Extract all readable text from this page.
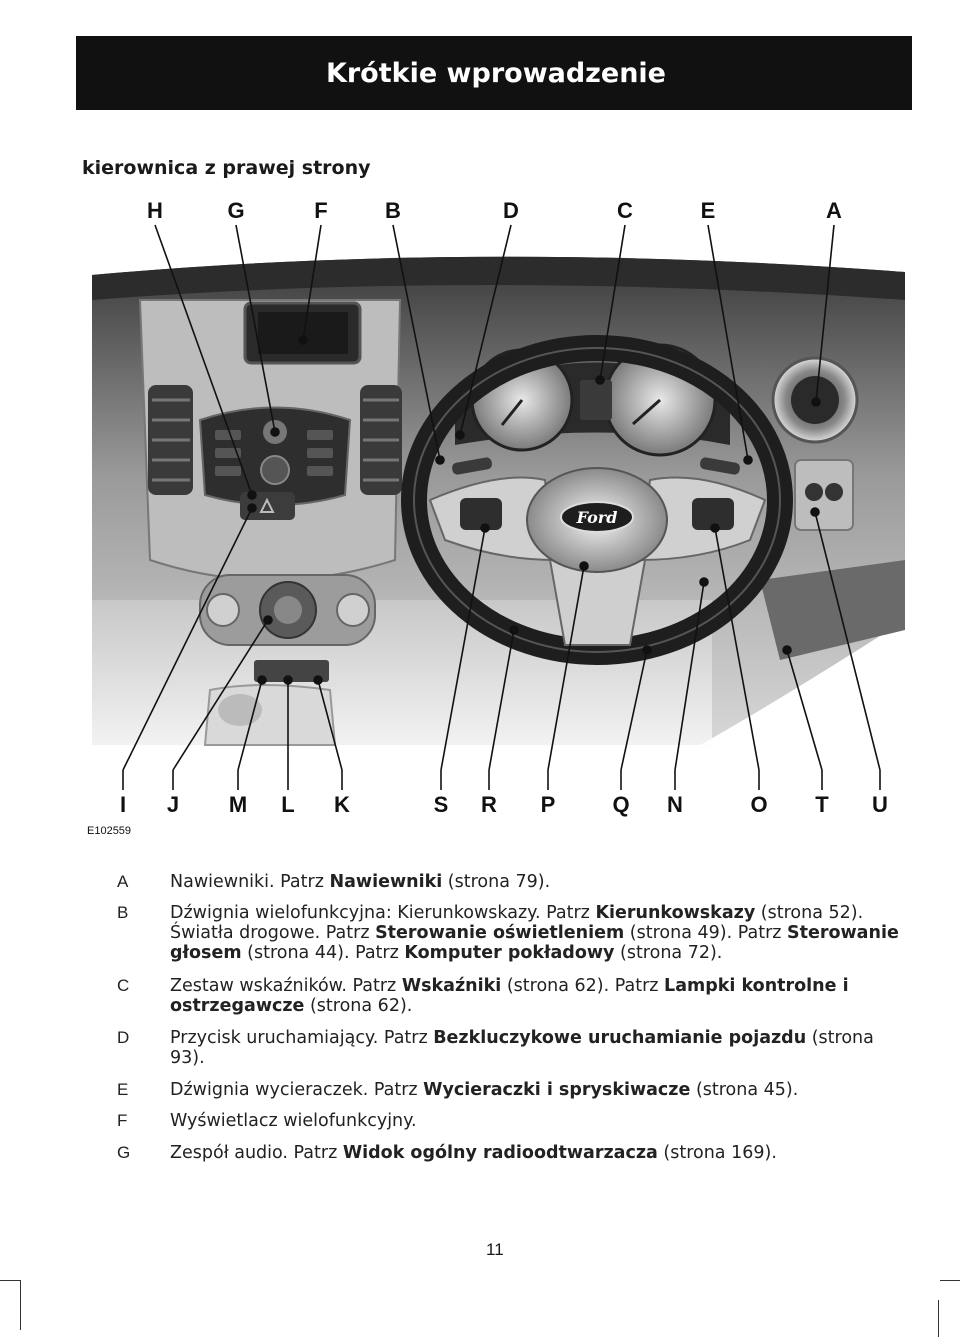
Krótkie wprowadzenie
kierownica z prawej strony
H	G	F	B	D	C	E	A
I J M L K	S R P	Q N	O T U
Ford
E102559
A Nawiewniki. Patrz Nawiewniki (strona 79).
B Dźwignia wielofunkcyjna: Kierunkowskazy. Patrz Kierunkowskazy (strona 52). Światła drogowe. Patrz Sterowanie oświetleniem (strona 49). Patrz Sterowanie głosem (strona 44). Patrz Komputer pokładowy (strona 72).
C Zestaw wskaźników. Patrz Wskaźniki (strona 62). Patrz Lampki kontrolne i ostrzegawcze (strona 62).
D Przycisk uruchamiający. Patrz Bezkluczykowe uruchamianie pojazdu (strona 93).
E Dźwignia wycieraczek. Patrz Wycieraczki i spryskiwacze (strona 45).
F Wyświetlacz wielofunkcyjny.
G Zespół audio. Patrz Widok ogólny radioodtwarzacza (strona 169).
11
